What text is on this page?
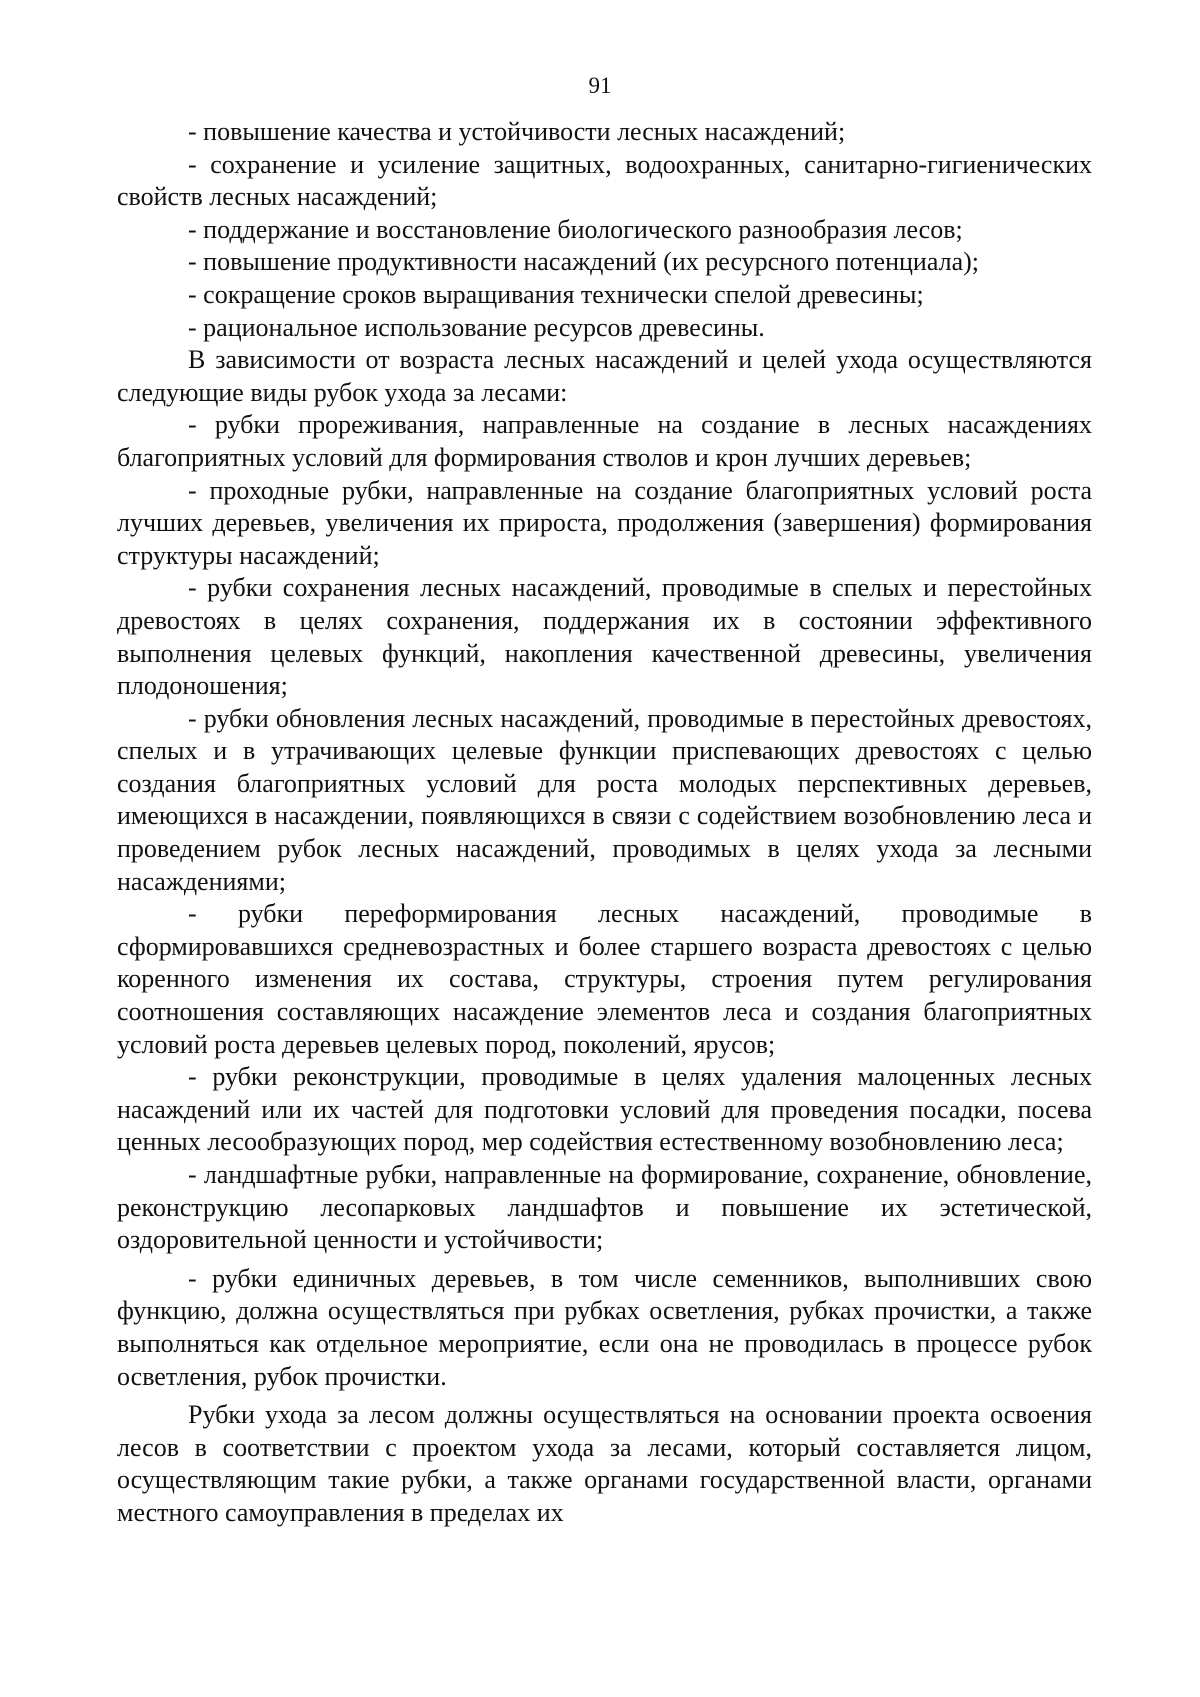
91

- повышение качества и устойчивости лесных насаждений;

- сохранение и усиление защитных, водоохранных, санитарно-гигиенических свойств лесных насаждений;

- поддержание и восстановление биологического разнообразия лесов;

- повышение продуктивности насаждений (их ресурсного потенциала);

- сокращение сроков выращивания технически спелой древесины;

- рациональное использование ресурсов древесины.

В зависимости от возраста лесных насаждений и целей ухода осуществляются следующие виды рубок ухода за лесами:

- рубки прореживания, направленные на создание в лесных насаждениях благоприятных условий для формирования стволов и крон лучших деревьев;

- проходные рубки, направленные на создание благоприятных условий роста лучших деревьев, увеличения их прироста, продолжения (завершения) формирования структуры насаждений;

- рубки сохранения лесных насаждений, проводимые в спелых и перестойных древостоях в целях сохранения, поддержания их в состоянии эффективного выполнения целевых функций, накопления качественной древесины, увеличения плодоношения;

- рубки обновления лесных насаждений, проводимые в перестойных древостоях, спелых и в утрачивающих целевые функции приспевающих древостоях с целью создания благоприятных условий для роста молодых перспективных деревьев, имеющихся в насаждении, появляющихся в связи с содействием возобновлению леса и проведением рубок лесных насаждений, проводимых в целях ухода за лесными насаждениями;

- рубки переформирования лесных насаждений, проводимые в сформировавшихся средневозрастных и более старшего возраста древостоях с целью коренного изменения их состава, структуры, строения путем регулирования соотношения составляющих насаждение элементов леса и создания благоприятных условий роста деревьев целевых пород, поколений, ярусов;

- рубки реконструкции, проводимые в целях удаления малоценных лесных насаждений или их частей для подготовки условий для проведения посадки, посева ценных лесообразующих пород, мер содействия естественному возобновлению леса;

- ландшафтные рубки, направленные на формирование, сохранение, обновление, реконструкцию лесопарковых ландшафтов и повышение их эстетической, оздоровительной ценности и устойчивости;

- рубки единичных деревьев, в том числе семенников, выполнивших свою функцию, должна осуществляться при рубках осветления, рубках прочистки, а также выполняться как отдельное мероприятие, если она не проводилась в процессе рубок осветления, рубок прочистки.

Рубки ухода за лесом должны осуществляться на основании проекта освоения лесов в соответствии с проектом ухода за лесами, который составляется лицом, осуществляющим такие рубки, а также органами государственной власти, органами местного самоуправления в пределах их
